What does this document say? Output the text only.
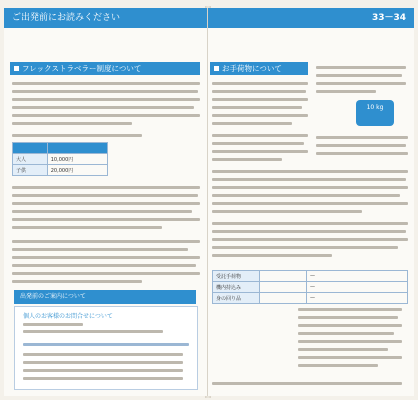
ご出発前にお読みください
フレックストラベラー制度について

大人	10,000円
子供	20,000円
出発前のご案内について
個人のお客様のお問合せについて
33－34
お手荷物について
10 kg
受託手荷物		—
機内持込み		—
身の回り品		—
